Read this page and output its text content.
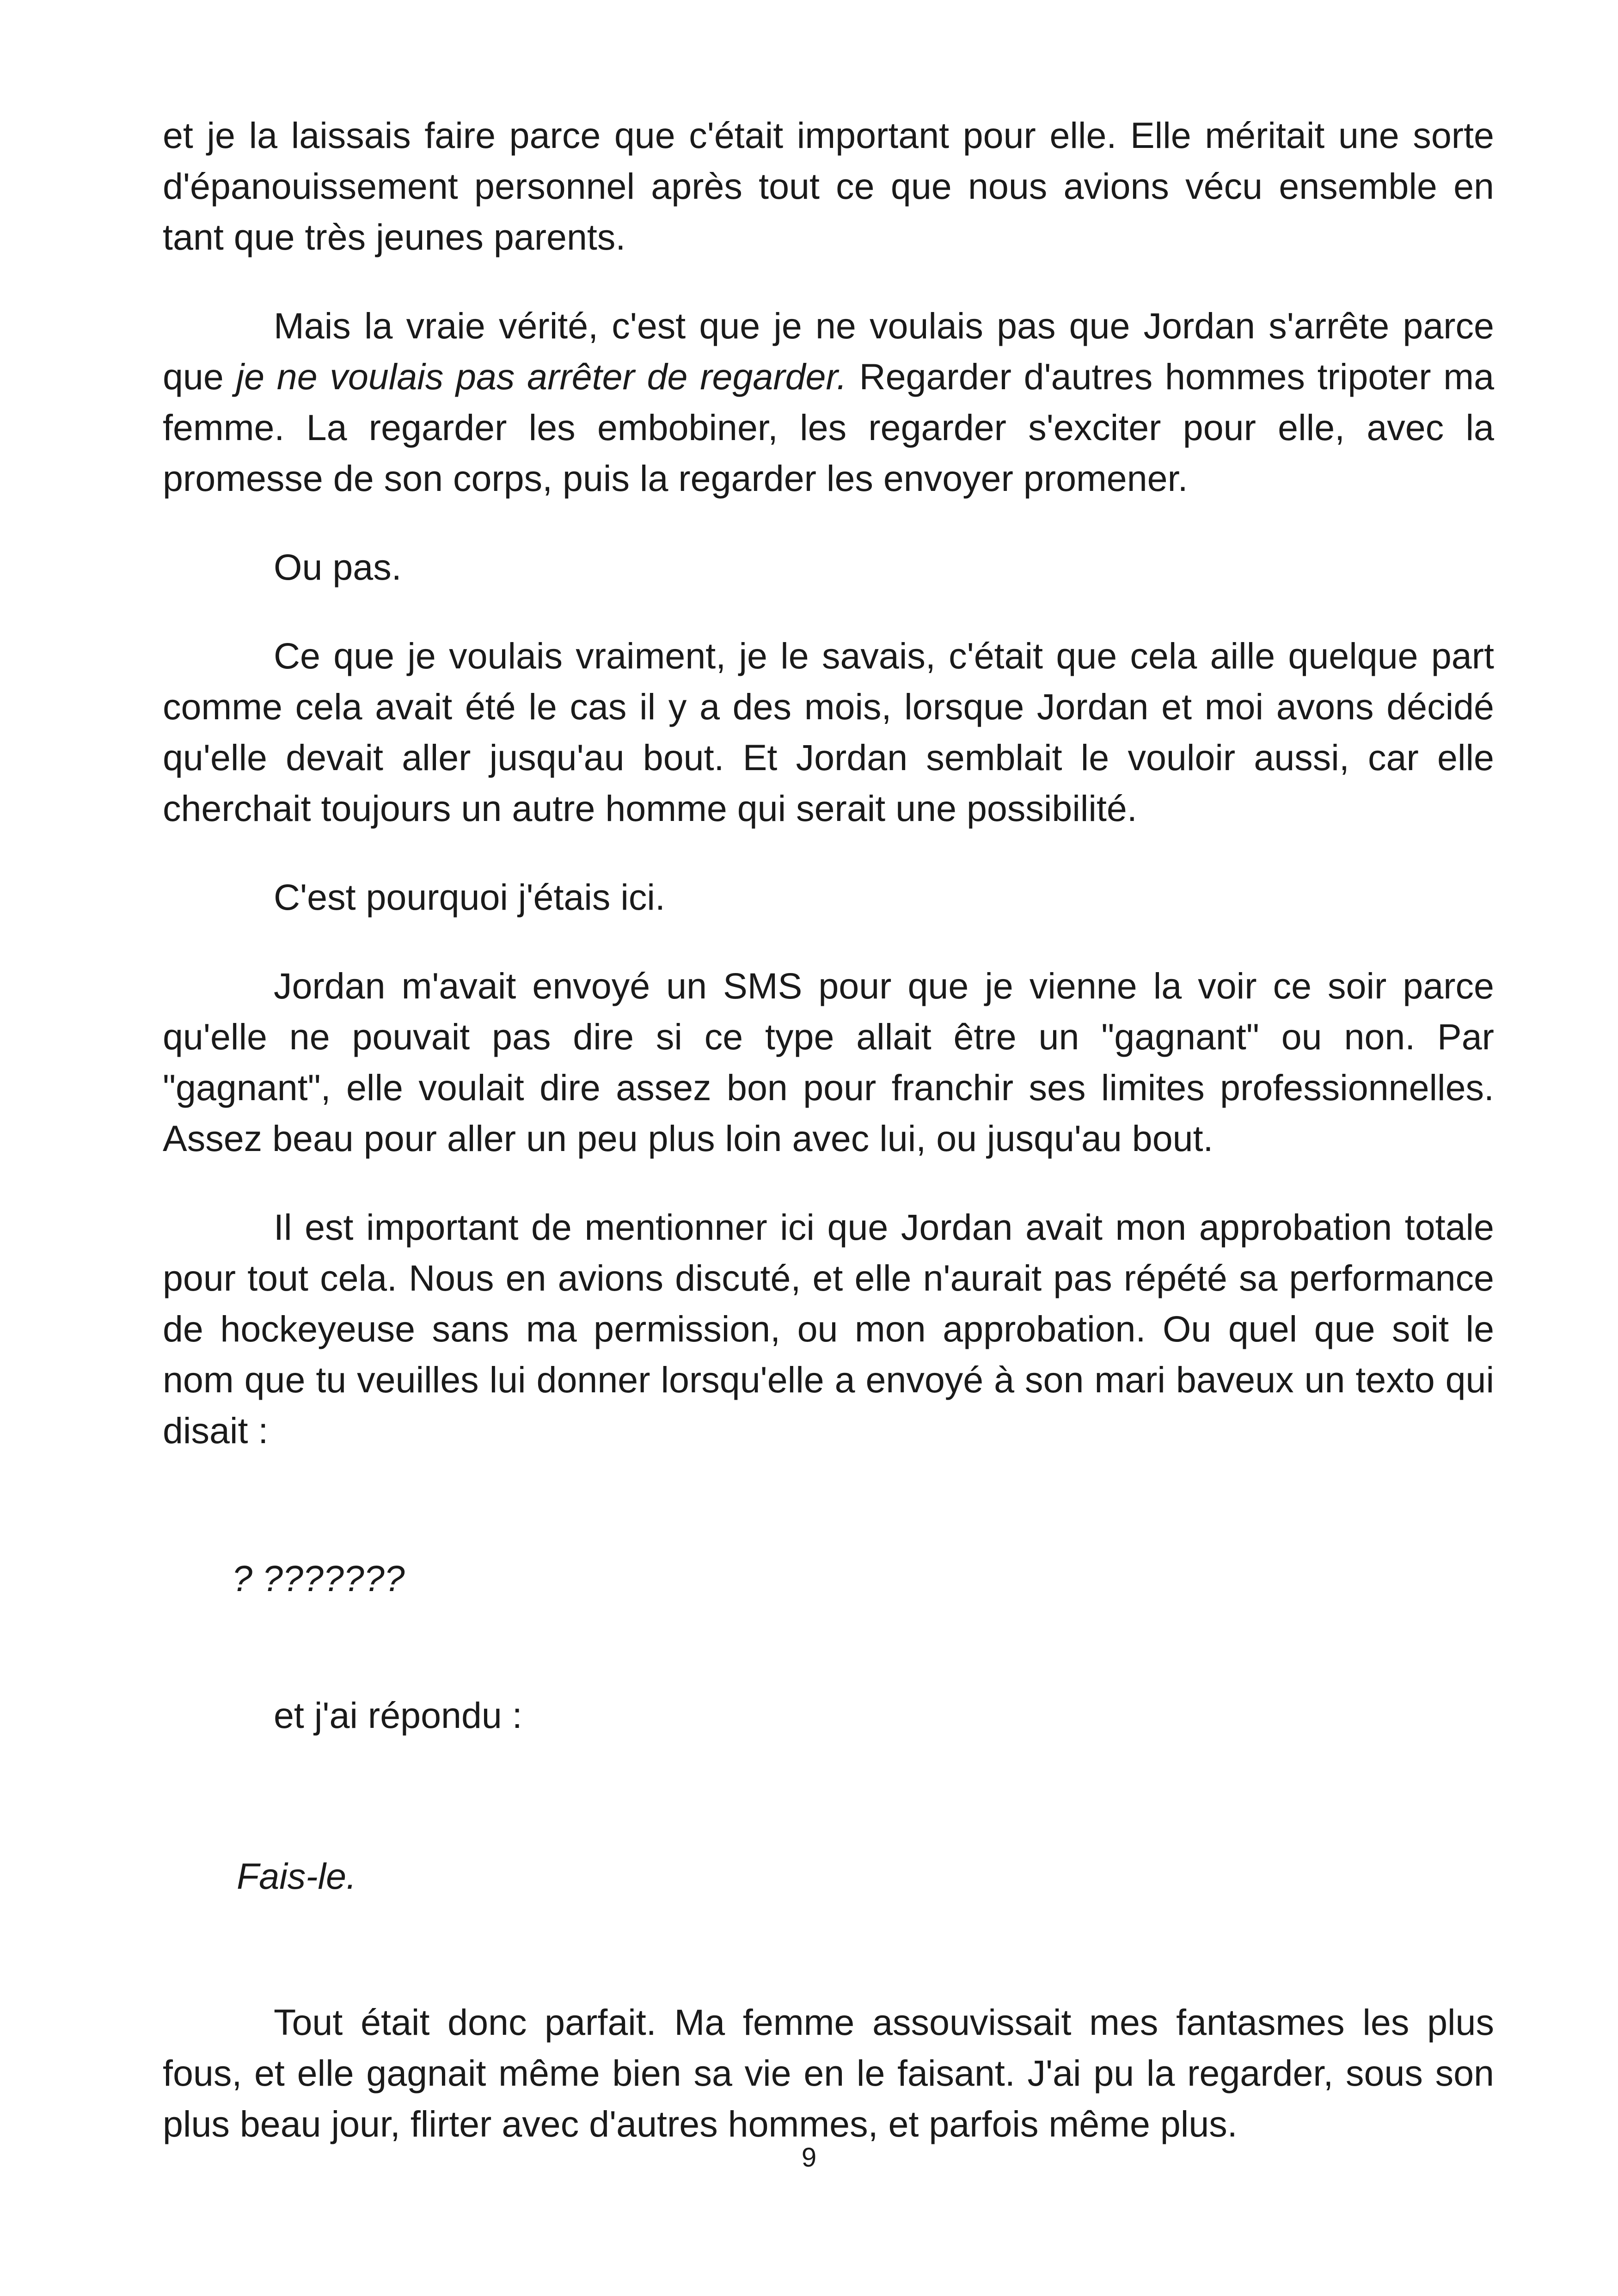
et je la laissais faire parce que c'était important pour elle. Elle méritait une sorte d'épanouissement personnel après tout ce que nous avions vécu ensemble en tant que très jeunes parents.

Mais la vraie vérité, c'est que je ne voulais pas que Jordan s'arrête parce que je ne voulais pas arrêter de regarder. Regarder d'autres hommes tripoter ma femme. La regarder les embobiner, les regarder s'exciter pour elle, avec la promesse de son corps, puis la regarder les envoyer promener.

Ou pas.

Ce que je voulais vraiment, je le savais, c'était que cela aille quelque part comme cela avait été le cas il y a des mois, lorsque Jordan et moi avons décidé qu'elle devait aller jusqu'au bout. Et Jordan semblait le vouloir aussi, car elle cherchait toujours un autre homme qui serait une possibilité.

C'est pourquoi j'étais ici.

Jordan m'avait envoyé un SMS pour que je vienne la voir ce soir parce qu'elle ne pouvait pas dire si ce type allait être un "gagnant" ou non. Par "gagnant", elle voulait dire assez bon pour franchir ses limites professionnelles. Assez beau pour aller un peu plus loin avec lui, ou jusqu'au bout.

Il est important de mentionner ici que Jordan avait mon approbation totale pour tout cela. Nous en avions discuté, et elle n'aurait pas répété sa performance de hockeyeuse sans ma permission, ou mon approbation. Ou quel que soit le nom que tu veuilles lui donner lorsqu'elle a envoyé à son mari baveux un texto qui disait :

? ???????

et j'ai répondu :

Fais-le.

Tout était donc parfait. Ma femme assouvissait mes fantasmes les plus fous, et elle gagnait même bien sa vie en le faisant. J'ai pu la regarder, sous son plus beau jour, flirter avec d'autres hommes, et parfois même plus.

9
